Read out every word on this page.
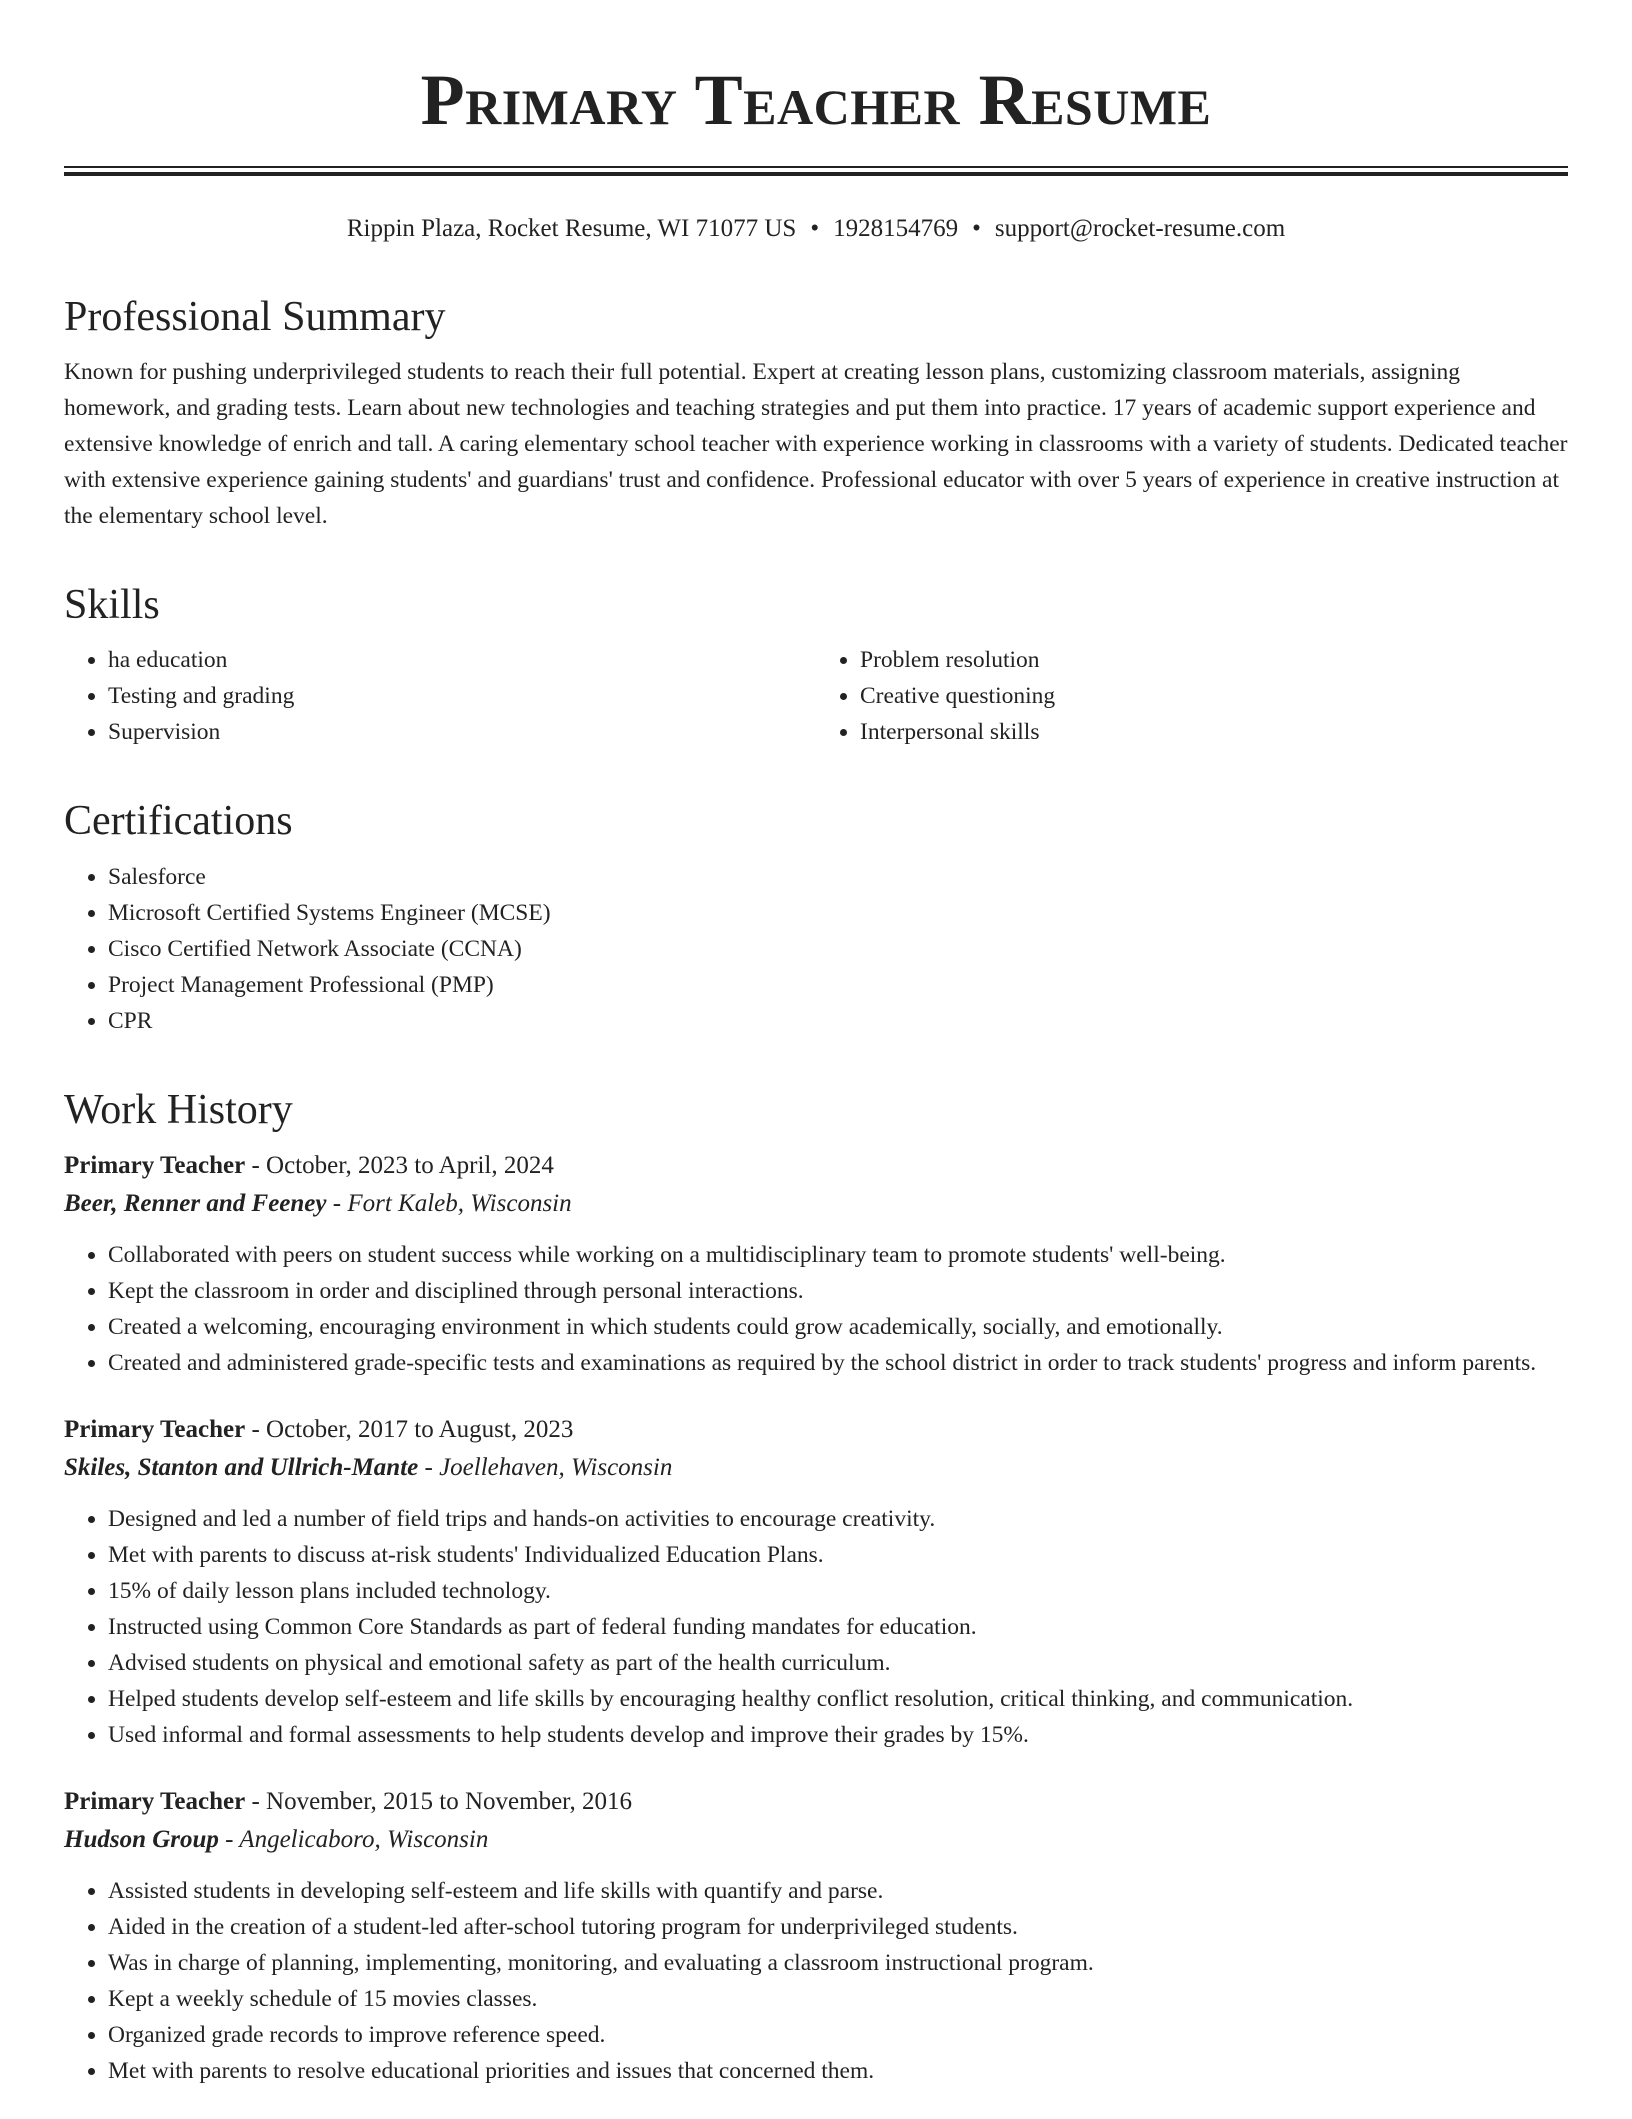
Primary Teacher Resume
Rippin Plaza, Rocket Resume, WI 71077 US • 1928154769 • support@rocket-resume.com
Professional Summary

Known for pushing underprivileged students to reach their full potential. Expert at creating lesson plans, customizing classroom materials, assigning homework, and grading tests. Learn about new technologies and teaching strategies and put them into practice. 17 years of academic support experience and extensive knowledge of enrich and tall. A caring elementary school teacher with experience working in classrooms with a variety of students. Dedicated teacher with extensive experience gaining students' and guardians' trust and confidence. Professional educator with over 5 years of experience in creative instruction at the elementary school level.

Skills
• ha education
• Testing and grading
• Supervision
• Problem resolution
• Creative questioning
• Interpersonal skills
Certifications
• Salesforce
• Microsoft Certified Systems Engineer (MCSE)
• Cisco Certified Network Associate (CCNA)
• Project Management Professional (PMP)
• CPR
Work History
Primary Teacher - October, 2023 to April, 2024
Beer, Renner and Feeney - Fort Kaleb, Wisconsin
• Collaborated with peers on student success while working on a multidisciplinary team to promote students' well-being.
• Kept the classroom in order and disciplined through personal interactions.
• Created a welcoming, encouraging environment in which students could grow academically, socially, and emotionally.
• Created and administered grade-specific tests and examinations as required by the school district in order to track students' progress and inform parents.
Primary Teacher - October, 2017 to August, 2023
Skiles, Stanton and Ullrich-Mante - Joellehaven, Wisconsin
• Designed and led a number of field trips and hands-on activities to encourage creativity.
• Met with parents to discuss at-risk students' Individualized Education Plans.
• 15% of daily lesson plans included technology.
• Instructed using Common Core Standards as part of federal funding mandates for education.
• Advised students on physical and emotional safety as part of the health curriculum.
• Helped students develop self-esteem and life skills by encouraging healthy conflict resolution, critical thinking, and communication.
• Used informal and formal assessments to help students develop and improve their grades by 15%.
Primary Teacher - November, 2015 to November, 2016
Hudson Group - Angelicaboro, Wisconsin
• Assisted students in developing self-esteem and life skills with quantify and parse.
• Aided in the creation of a student-led after-school tutoring program for underprivileged students.
• Was in charge of planning, implementing, monitoring, and evaluating a classroom instructional program.
• Kept a weekly schedule of 15 movies classes.
• Organized grade records to improve reference speed.
• Met with parents to resolve educational priorities and issues that concerned them.
